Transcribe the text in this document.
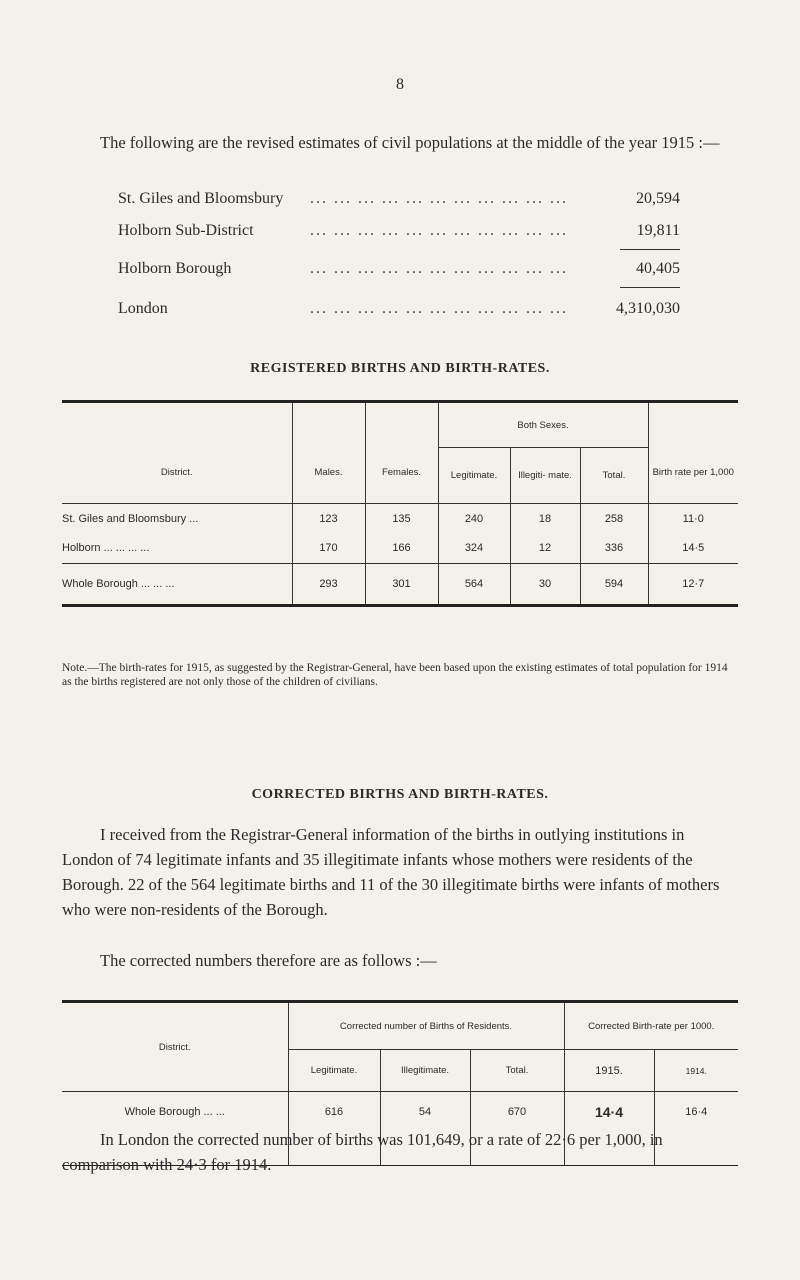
8
The following are the revised estimates of civil populations at the middle of the year 1915 :—
St. Giles and Bloomsbury	... ... ... ... ... ... ... ... ... ... ...	20,594
Holborn Sub-District	... ... ... ... ... ... ... ... ... ... ...	19,811
Holborn Borough	... ... ... ... ... ... ... ... ... ... ...	40,405
London	... ... ... ... ... ... ... ... ... ... ...	4,310,030
REGISTERED BIRTHS AND BIRTH-RATES.
District.	Males.	Females.	Both Sexes.			Birth rate per 1,000
			Legitimate.	Illegiti- mate.	Total.	
St. Giles and Bloomsbury ...	123	135	240	18	258	11·0
Holborn ... ... ... ...	170	166	324	12	336	14·5
Whole Borough ... ... ...	293	301	564	30	594	12·7
Note.—The birth-rates for 1915, as suggested by the Registrar-General, have been based upon the existing estimates of total population for 1914 as the births registered are not only those of the children of civilians.
CORRECTED BIRTHS AND BIRTH-RATES.
I received from the Registrar-General information of the births in outlying institutions in London of 74 legitimate infants and 35 illegitimate infants whose mothers were residents of the Borough. 22 of the 564 legitimate births and 11 of the 30 illegitimate births were infants of mothers who were non-residents of the Borough.
The corrected numbers therefore are as follows :—
District.	Corrected number of Births of Residents.			Corrected Birth-rate per 1000.	
	Legitimate.	Illegitimate.	Total.	1915.	1914.
Whole Borough ... ...	616	54	670	14·4	16·4

In London the corrected number of births was 101,649, or a rate of 22·6 per 1,000, in comparison with 24·3 for 1914.
